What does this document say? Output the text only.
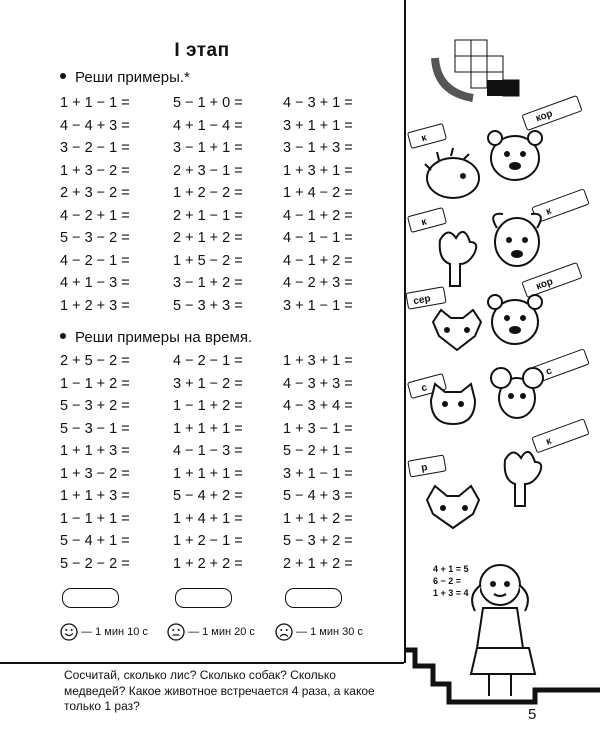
I этап
Реши примеры.*
1 + 1 − 1 =	5 − 1 + 0 =	4 − 3 + 1 =
4 − 4 + 3 =	4 + 1 − 4 =	3 + 1 + 1 =
3 − 2 − 1 =	3 − 1 + 1 =	3 − 1 + 3 =
1 + 3 − 2 =	2 + 3 − 1 =	1 + 3 + 1 =
2 + 3 − 2 =	1 + 2 − 2 =	1 + 4 − 2 =
4 − 2 + 1 =	2 + 1 − 1 =	4 − 1 + 2 =
5 − 3 − 2 =	2 + 1 + 2 =	4 − 1 − 1 =
4 − 2 − 1 =	1 + 5 − 2 =	4 − 1 + 2 =
4 + 1 − 3 =	3 − 1 + 2 =	4 − 2 + 3 =
1 + 2 + 3 =	5 − 3 + 3 =	3 + 1 − 1 =
Реши примеры на время.
2 + 5 − 2 =	4 − 2 − 1 =	1 + 3 + 1 =
1 − 1 + 2 =	3 + 1 − 2 =	4 − 3 + 3 =
5 − 3 + 2 =	1 − 1 + 2 =	4 − 3 + 4 =
5 − 3 − 1 =	1 + 1 + 1 =	1 + 3 − 1 =
1 + 1 + 3 =	4 − 1 − 3 =	5 − 2 + 1 =
1 + 3 − 2 =	1 + 1 + 1 =	3 + 1 − 1 =
1 + 1 + 3 =	5 − 4 + 2 =	5 − 4 + 3 =
1 − 1 + 1 =	1 + 4 + 1 =	1 + 1 + 2 =
5 − 4 + 1 =	1 + 2 − 1 =	5 − 3 + 2 =
5 − 2 − 2 =	1 + 2 + 2 =	2 + 1 + 2 =
— 1 мин 10 с	— 1 мин 20 с	— 1 мин 30 с
Сосчитай, сколько лис? Сколько собак? Сколько медведей? Какое животное встречается 4 раза, а какое только 1 раз?
кор
к
к
к
кор
сер
с
с
к
р
4 + 1 = 5
6 − 2 =
1 + 3 = 4
5
